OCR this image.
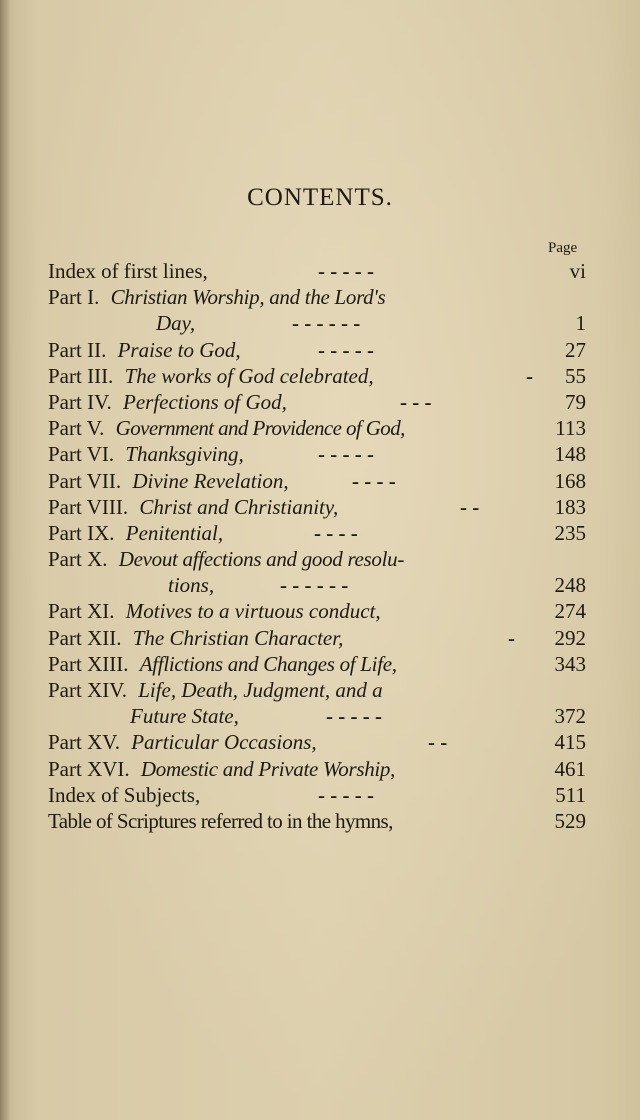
CONTENTS.
Page
Index of first lines,	- - - - -	vi
Part I. Christian Worship, and the Lord's
Day,	- - - - - -	1
Part II. Praise to God,	- - - - -	27
Part III. The works of God celebrated,	- 55
Part IV. Perfections of God,	- - -	79
Part V. Government and Providence of God,	113
Part VI. Thanksgiving,	- - - - -	148
Part VII. Divine Revelation,	- - - -	168
Part VIII. Christ and Christianity,	- -	183
Part IX. Penitential,	- - - -	235
Part X. Devout affections and good resolu-
tions,	- - - - - -	248
Part XI. Motives to a virtuous conduct,	274
Part XII. The Christian Character,	- 292
Part XIII. Afflictions and Changes of Life,	343
Part XIV. Life, Death, Judgment, and a
Future State,	- - - - -	372
Part XV. Particular Occasions,	- -	415
Part XVI. Domestic and Private Worship,	461
Index of Subjects,	- - - - -	511
Table of Scriptures referred to in the hymns,	529
